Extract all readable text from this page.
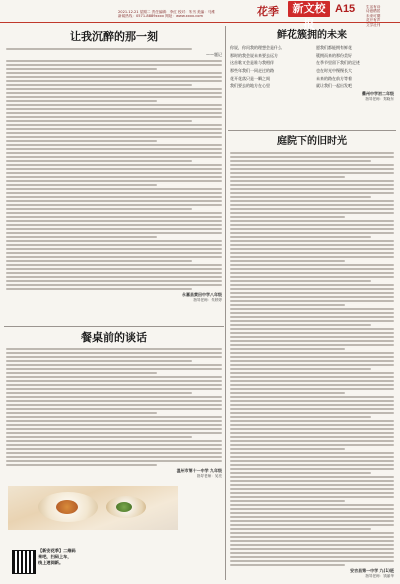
2021.12.21 星期二 责任编辑：李红 校对：朱书 美编：马维
新闻热线：0571-8889xxxx 网址：www.xxxx.com	花季	新文校报
A15	生活有诗
诗意栖居
未来可期
花开有声
文学社刊
让我沉醉的那一刻
——题记
永嘉县黄田中学八年级
指导老师：朱婷婷
餐桌前的谈话
温州市第十一中学 九年级
指导老师：吴亮
【新安花季】二维码
来吧，扫码上车，
线上速阅新。
鲜花簇拥的未来
你说，你问我的理想会是什么
那时的我会说未来要去远方
这首歌又会是谁与我相伴
那些年我们一同走过的路
花开花落只是一瞬之间
我们要去的地方在心里
愿我们都能拥有鲜花
簇拥而来的那份美好
在季节里留下我们的足迹
也在时光中慢慢长大
未来的路在前方等着
就让我们一起出发吧
衢州中学初二年级
指导老师：郑晓东
庭院下的旧时光
安吉县第一中学 九(1)班
指导老师：钱丽华
